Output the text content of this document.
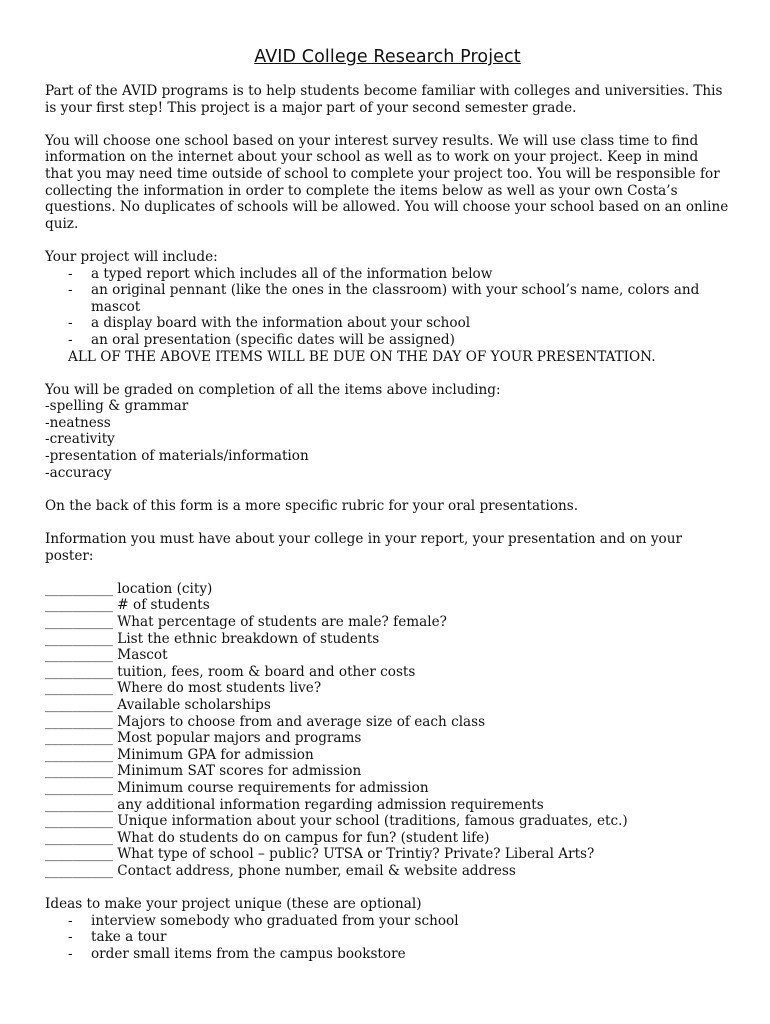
AVID College Research Project

Part of the AVID programs is to help students become familiar with colleges and universities. This is your first step! This project is a major part of your second semester grade.

You will choose one school based on your interest survey results. We will use class time to find information on the internet about your school as well as to work on your project. Keep in mind that you may need time outside of school to complete your project too. You will be responsible for collecting the information in order to complete the items below as well as your own Costa’s questions. No duplicates of schools will be allowed. You will choose your school based on an online quiz.

Your project will include:

- a typed report which includes all of the information below
- an original pennant (like the ones in the classroom) with your school’s name, colors and mascot
- a display board with the information about your school
- an oral presentation (specific dates will be assigned)

ALL OF THE ABOVE ITEMS WILL BE DUE ON THE DAY OF YOUR PRESENTATION.

You will be graded on completion of all the items above including:

-spelling & grammar

-neatness

-creativity

-presentation of materials/information

-accuracy

On the back of this form is a more specific rubric for your oral presentations.

Information you must have about your college in your report, your presentation and on your poster:

__________ location (city)
__________ # of students
__________ What percentage of students are male? female?
__________ List the ethnic breakdown of students
__________ Mascot
__________ tuition, fees, room & board and other costs
__________ Where do most students live?
__________ Available scholarships
__________ Majors to choose from and average size of each class
__________ Most popular majors and programs
__________ Minimum GPA for admission
__________ Minimum SAT scores for admission
__________ Minimum course requirements for admission
__________ any additional information regarding admission requirements
__________ Unique information about your school (traditions, famous graduates, etc.)
__________ What do students do on campus for fun? (student life)
__________ What type of school – public? UTSA or Trintiy? Private? Liberal Arts?
__________ Contact address, phone number, email & website address

Ideas to make your project unique (these are optional)

- interview somebody who graduated from your school
- take a tour
- order small items from the campus bookstore
